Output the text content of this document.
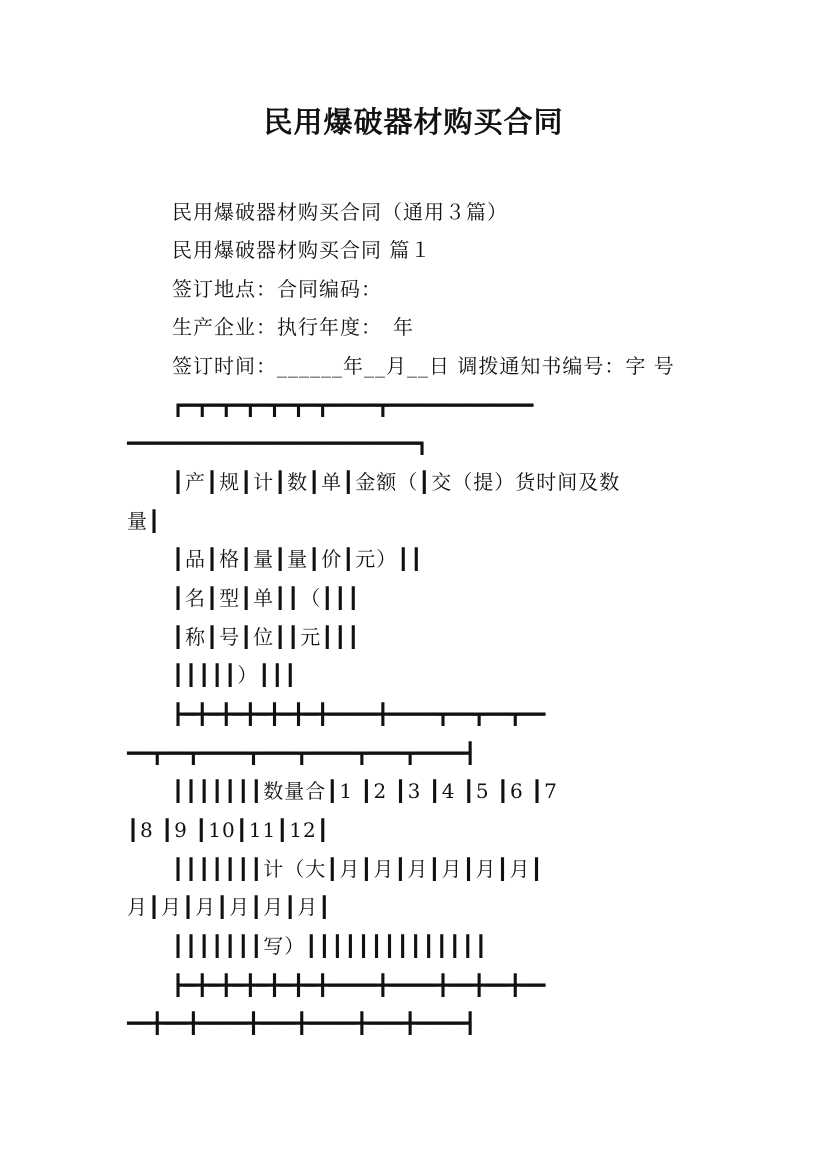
民用爆破器材购买合同
民用爆破器材购买合同（通用３篇）
民用爆破器材购买合同 篇１
签订地点：合同编码：
生产企业：执行年度：　年
签订时间：______年__月__日 调拨通知书编号：字 号
┏━┳━┳━┳━┳━┳━┳━━━━┳━━━━━━━━━━━━
━━━━━━━━━━━━━━━━━━━━━━━━┓
┃产┃规┃计┃数┃单┃金额（┃交（提）货时间及数
量┃
┃品┃格┃量┃量┃价┃元）┃┃
┃名┃型┃单┃┃（┃┃┃
┃称┃号┃位┃┃元┃┃┃
┃┃┃┃┃）┃┃┃
┣━╋━╋━╋━╋━╋━╋━━━━╋━━━━┳━━┳━━┳━━
━━┳━━┳━━━━┳━━━┳━━━━┳━━━┳━━━━┫
┃┃┃┃┃┃┃数量合┃1 ┃2 ┃3 ┃4 ┃5 ┃6 ┃7
┃8 ┃9 ┃10┃11┃12┃
┃┃┃┃┃┃┃计（大┃月┃月┃月┃月┃月┃月┃
月┃月┃月┃月┃月┃月┃
┃┃┃┃┃┃┃写）┃┃┃┃┃┃┃┃┃┃┃┃┃┃
┣━╋━╋━╋━╋━╋━╋━━━━╋━━━━╋━━╋━━╋━━
━━╋━━╋━━━━╋━━━╋━━━━╋━━━╋━━━━┫
